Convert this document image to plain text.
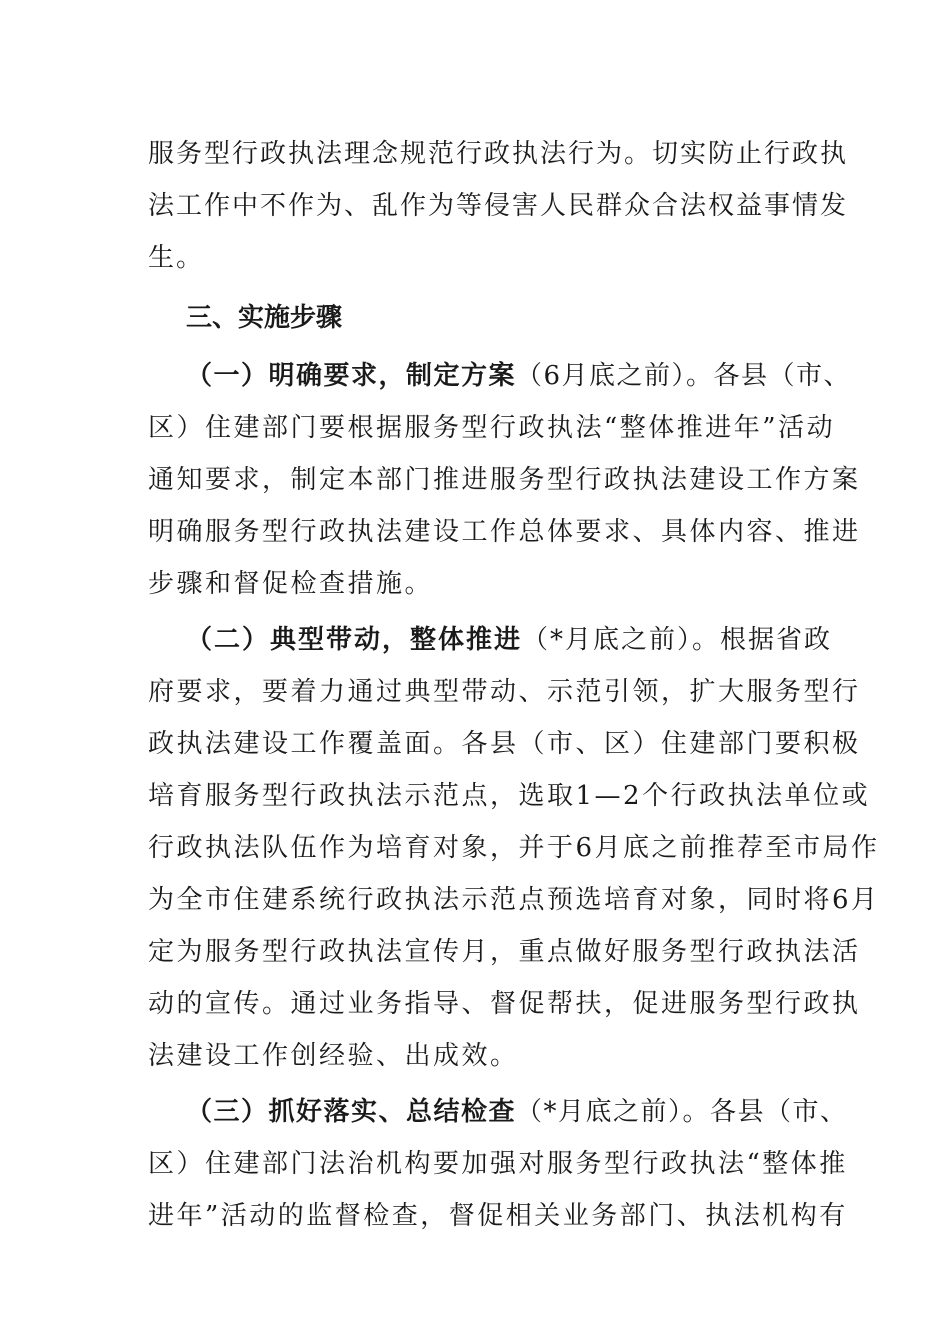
服务型行政执法理念规范行政执法行为。切实防止行政执
法工作中不作为、乱作为等侵害人民群众合法权益事情发
生。
三、实施步骤
（一）明确要求，制定方案（6月底之前）。各县（市、
区）住建部门要根据服务型行政执法“整体推进年”活动
通知要求，制定本部门推进服务型行政执法建设工作方案
明确服务型行政执法建设工作总体要求、具体内容、推进
步骤和督促检查措施。
（二）典型带动，整体推进（*月底之前）。根据省政
府要求，要着力通过典型带动、示范引领，扩大服务型行
政执法建设工作覆盖面。各县（市、区）住建部门要积极
培育服务型行政执法示范点，选取1—2个行政执法单位或
行政执法队伍作为培育对象，并于6月底之前推荐至市局作
为全市住建系统行政执法示范点预选培育对象，同时将6月
定为服务型行政执法宣传月，重点做好服务型行政执法活
动的宣传。通过业务指导、督促帮扶，促进服务型行政执
法建设工作创经验、出成效。
（三）抓好落实、总结检查（*月底之前）。各县（市、
区）住建部门法治机构要加强对服务型行政执法“整体推
进年”活动的监督检查，督促相关业务部门、执法机构有
